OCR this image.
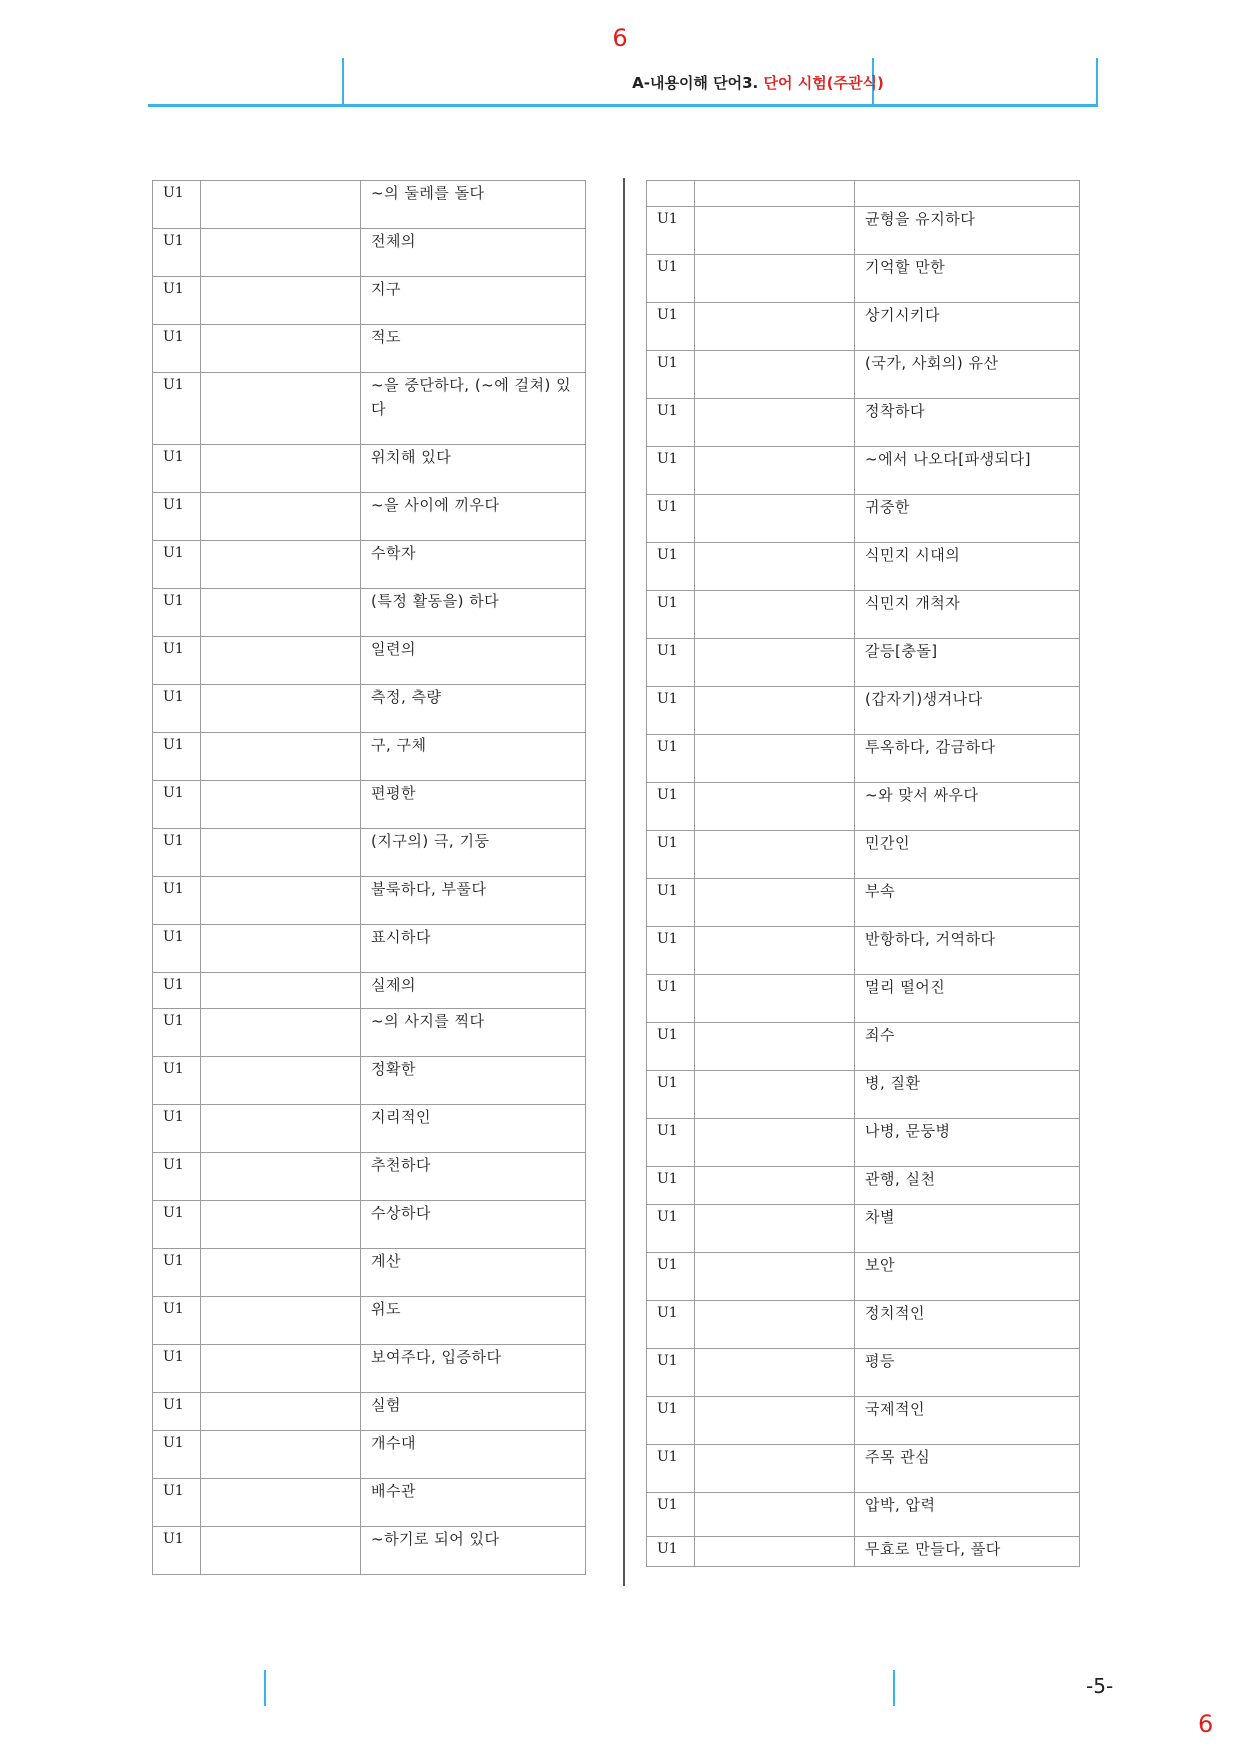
6
A-내용이해 단어3. 단어 시험(주관식)
U1		~의 둘레를 돌다
U1		전체의
U1		지구
U1		적도
U1		~을 중단하다, (~에 걸쳐) 있다
U1		위치해 있다
U1		~을 사이에 끼우다
U1		수학자
U1		(특정 활동을) 하다
U1		일련의
U1		측정, 측량
U1		구, 구체
U1		편평한
U1		(지구의) 극, 기둥
U1		불룩하다, 부풀다
U1		표시하다
U1		실제의
U1		~의 사지를 찍다
U1		정확한
U1		지리적인
U1		추천하다
U1		수상하다
U1		계산
U1		위도
U1		보여주다, 입증하다
U1		실험
U1		개수대
U1		배수관
U1		~하기로 되어 있다

U1		균형을 유지하다
U1		기억할 만한
U1		상기시키다
U1		(국가, 사회의) 유산
U1		정착하다
U1		~에서 나오다[파생되다]
U1		귀중한
U1		식민지 시대의
U1		식민지 개척자
U1		갈등[충돌]
U1		(갑자기)생겨나다
U1		투옥하다, 감금하다
U1		~와 맞서 싸우다
U1		민간인
U1		부속
U1		반항하다, 거역하다
U1		멀리 떨어진
U1		죄수
U1		병, 질환
U1		나병, 문둥병
U1		관행, 실천
U1		차별
U1		보안
U1		정치적인
U1		평등
U1		국제적인
U1		주목 관심
U1		압박, 압력
U1		무효로 만들다, 풀다
-5-
6
